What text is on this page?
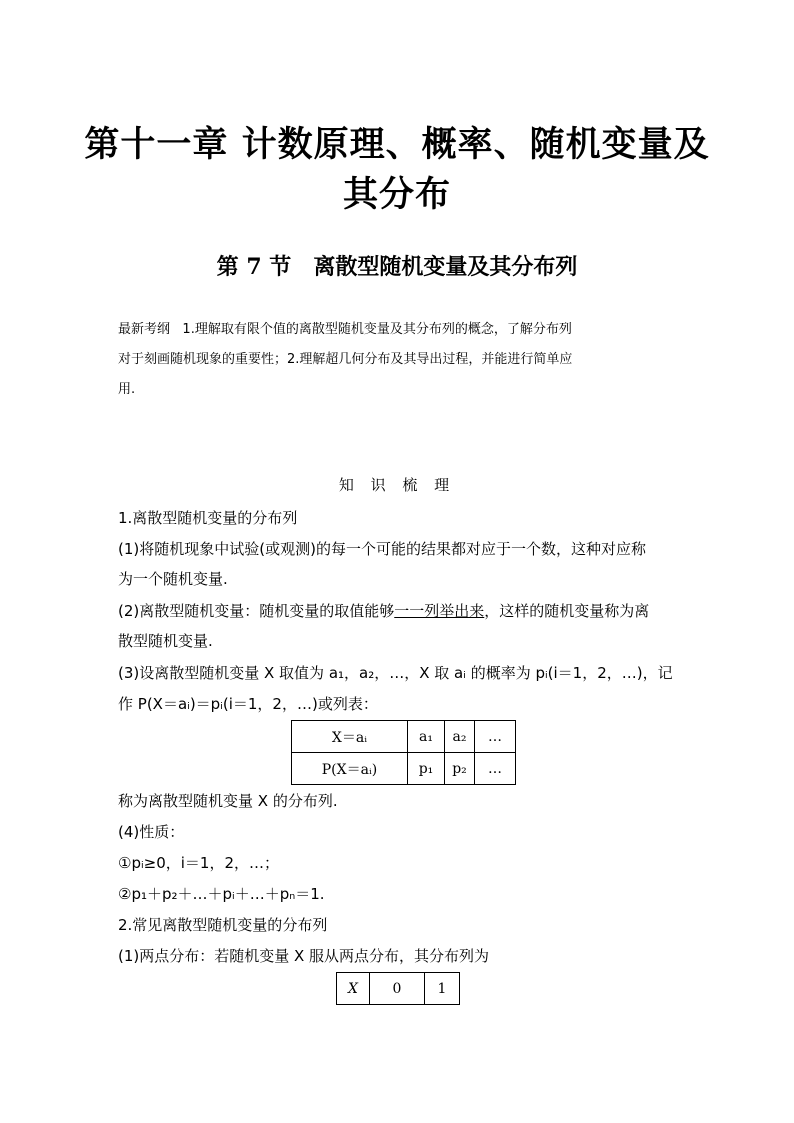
第十一章 计数原理、概率、随机变量及
其分布
第 7 节 离散型随机变量及其分布列
最新考纲 1.理解取有限个值的离散型随机变量及其分布列的概念，了解分布列
对于刻画随机现象的重要性；2.理解超几何分布及其导出过程，并能进行简单应
用.
知 识 梳 理
1.离散型随机变量的分布列
(1)将随机现象中试验(或观测)的每一个可能的结果都对应于一个数，这种对应称
为一个随机变量.
(2)离散型随机变量：随机变量的取值能够一一列举出来，这样的随机变量称为离
散型随机变量.
(3)设离散型随机变量 X 取值为 a₁，a₂，…，X 取 aᵢ 的概率为 pᵢ(i＝1，2，…)，记
作 P(X＝aᵢ)＝pᵢ(i＝1，2，…)或列表：
X＝aᵢ	a₁	a₂	…
P(X＝aᵢ)	p₁	p₂	…
称为离散型随机变量 X 的分布列.
(4)性质：
①pᵢ≥0，i＝1，2，…；
②p₁＋p₂＋…＋pᵢ＋…＋pₙ＝1.
2.常见离散型随机变量的分布列
(1)两点分布：若随机变量 X 服从两点分布，其分布列为
X	0	1
